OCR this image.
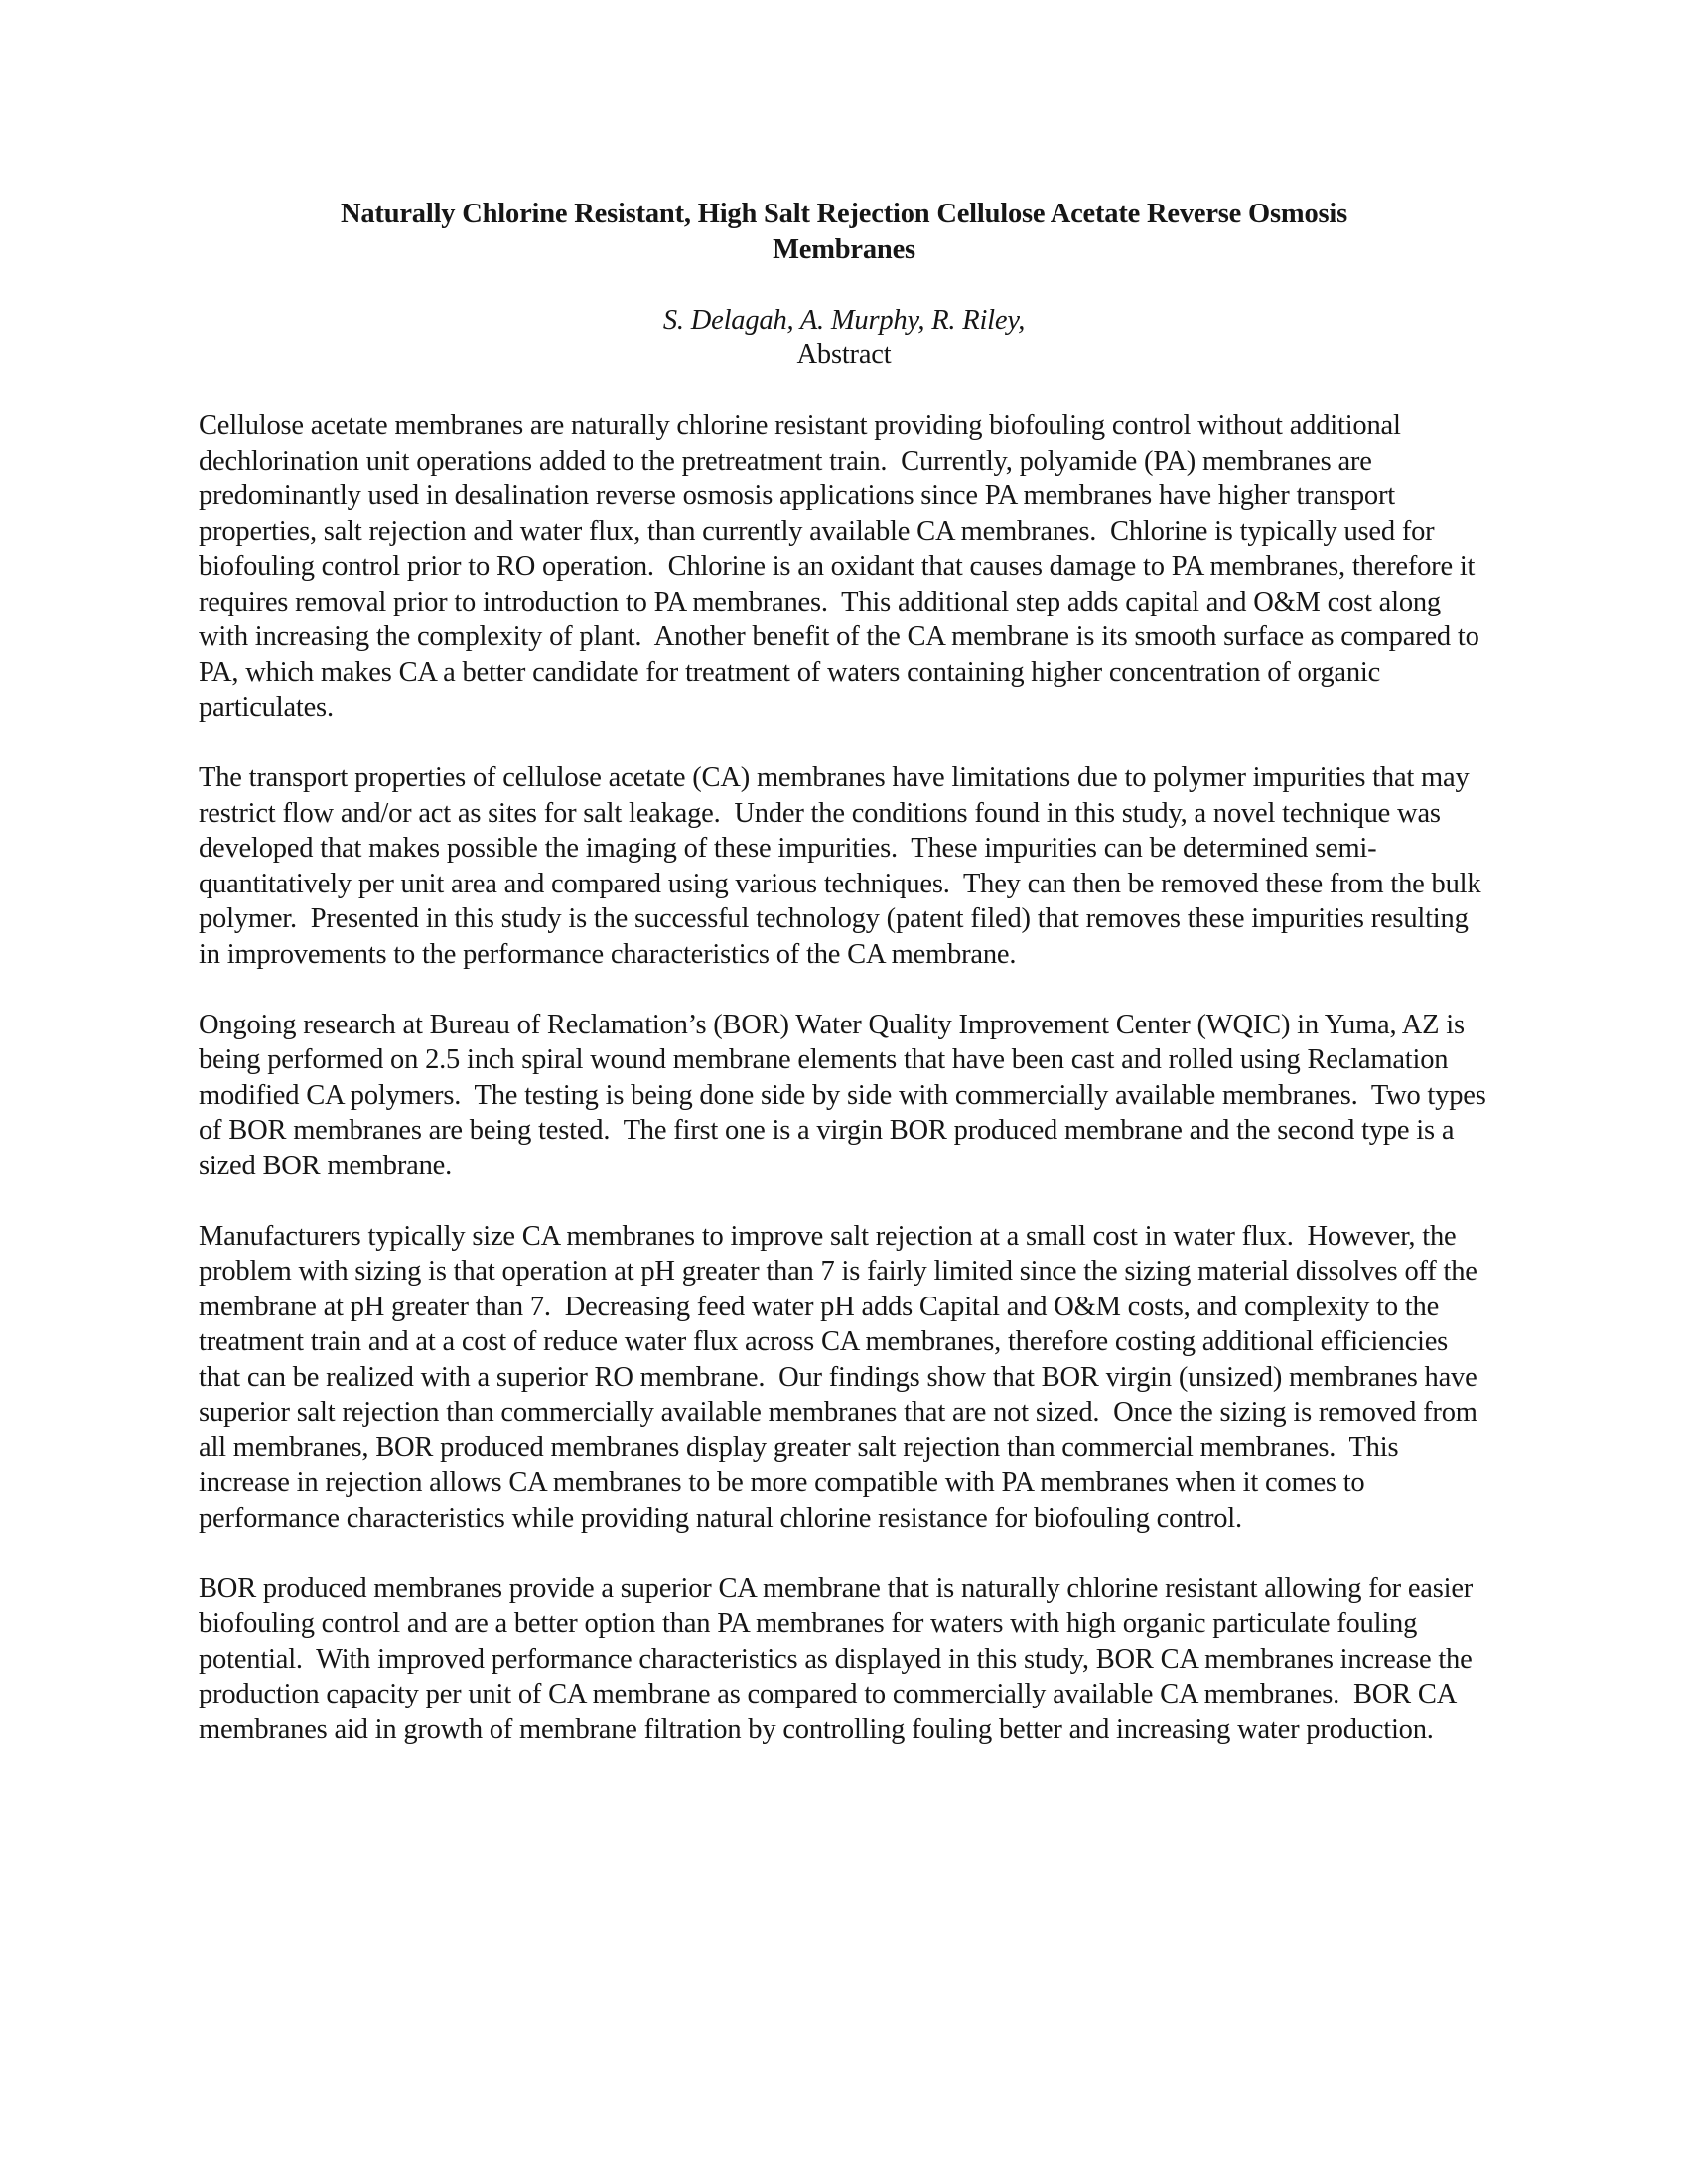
Naturally Chlorine Resistant, High Salt Rejection Cellulose Acetate Reverse Osmosis
Membranes

S. Delagah, A. Murphy, R. Riley,

Abstract

Cellulose acetate membranes are naturally chlorine resistant providing biofouling control without additional dechlorination unit operations added to the pretreatment train.  Currently, polyamide (PA) membranes are predominantly used in desalination reverse osmosis applications since PA membranes have higher transport properties, salt rejection and water flux, than currently available CA membranes.  Chlorine is typically used for biofouling control prior to RO operation.  Chlorine is an oxidant that causes damage to PA membranes, therefore it requires removal prior to introduction to PA membranes.  This additional step adds capital and O&M cost along with increasing the complexity of plant.  Another benefit of the CA membrane is its smooth surface as compared to PA, which makes CA a better candidate for treatment of waters containing higher concentration of organic particulates.

The transport properties of cellulose acetate (CA) membranes have limitations due to polymer impurities that may restrict flow and/or act as sites for salt leakage.  Under the conditions found in this study, a novel technique was developed that makes possible the imaging of these impurities.  These impurities can be determined semi-quantitatively per unit area and compared using various techniques.  They can then be removed these from the bulk polymer.  Presented in this study is the successful technology (patent filed) that removes these impurities resulting in improvements to the performance characteristics of the CA membrane.

Ongoing research at Bureau of Reclamation’s (BOR) Water Quality Improvement Center (WQIC) in Yuma, AZ is being performed on 2.5 inch spiral wound membrane elements that have been cast and rolled using Reclamation modified CA polymers.  The testing is being done side by side with commercially available membranes.  Two types of BOR membranes are being tested.  The first one is a virgin BOR produced membrane and the second type is a sized BOR membrane.

Manufacturers typically size CA membranes to improve salt rejection at a small cost in water flux.  However, the problem with sizing is that operation at pH greater than 7 is fairly limited since the sizing material dissolves off the membrane at pH greater than 7.  Decreasing feed water pH adds Capital and O&M costs, and complexity to the treatment train and at a cost of reduce water flux across CA membranes, therefore costing additional efficiencies that can be realized with a superior RO membrane.  Our findings show that BOR virgin (unsized) membranes have superior salt rejection than commercially available membranes that are not sized.  Once the sizing is removed from all membranes, BOR produced membranes display greater salt rejection than commercial membranes.  This increase in rejection allows CA membranes to be more compatible with PA membranes when it comes to performance characteristics while providing natural chlorine resistance for biofouling control.

BOR produced membranes provide a superior CA membrane that is naturally chlorine resistant allowing for easier biofouling control and are a better option than PA membranes for waters with high organic particulate fouling potential.  With improved performance characteristics as displayed in this study, BOR CA membranes increase the production capacity per unit of CA membrane as compared to commercially available CA membranes.  BOR CA membranes aid in growth of membrane filtration by controlling fouling better and increasing water production.
